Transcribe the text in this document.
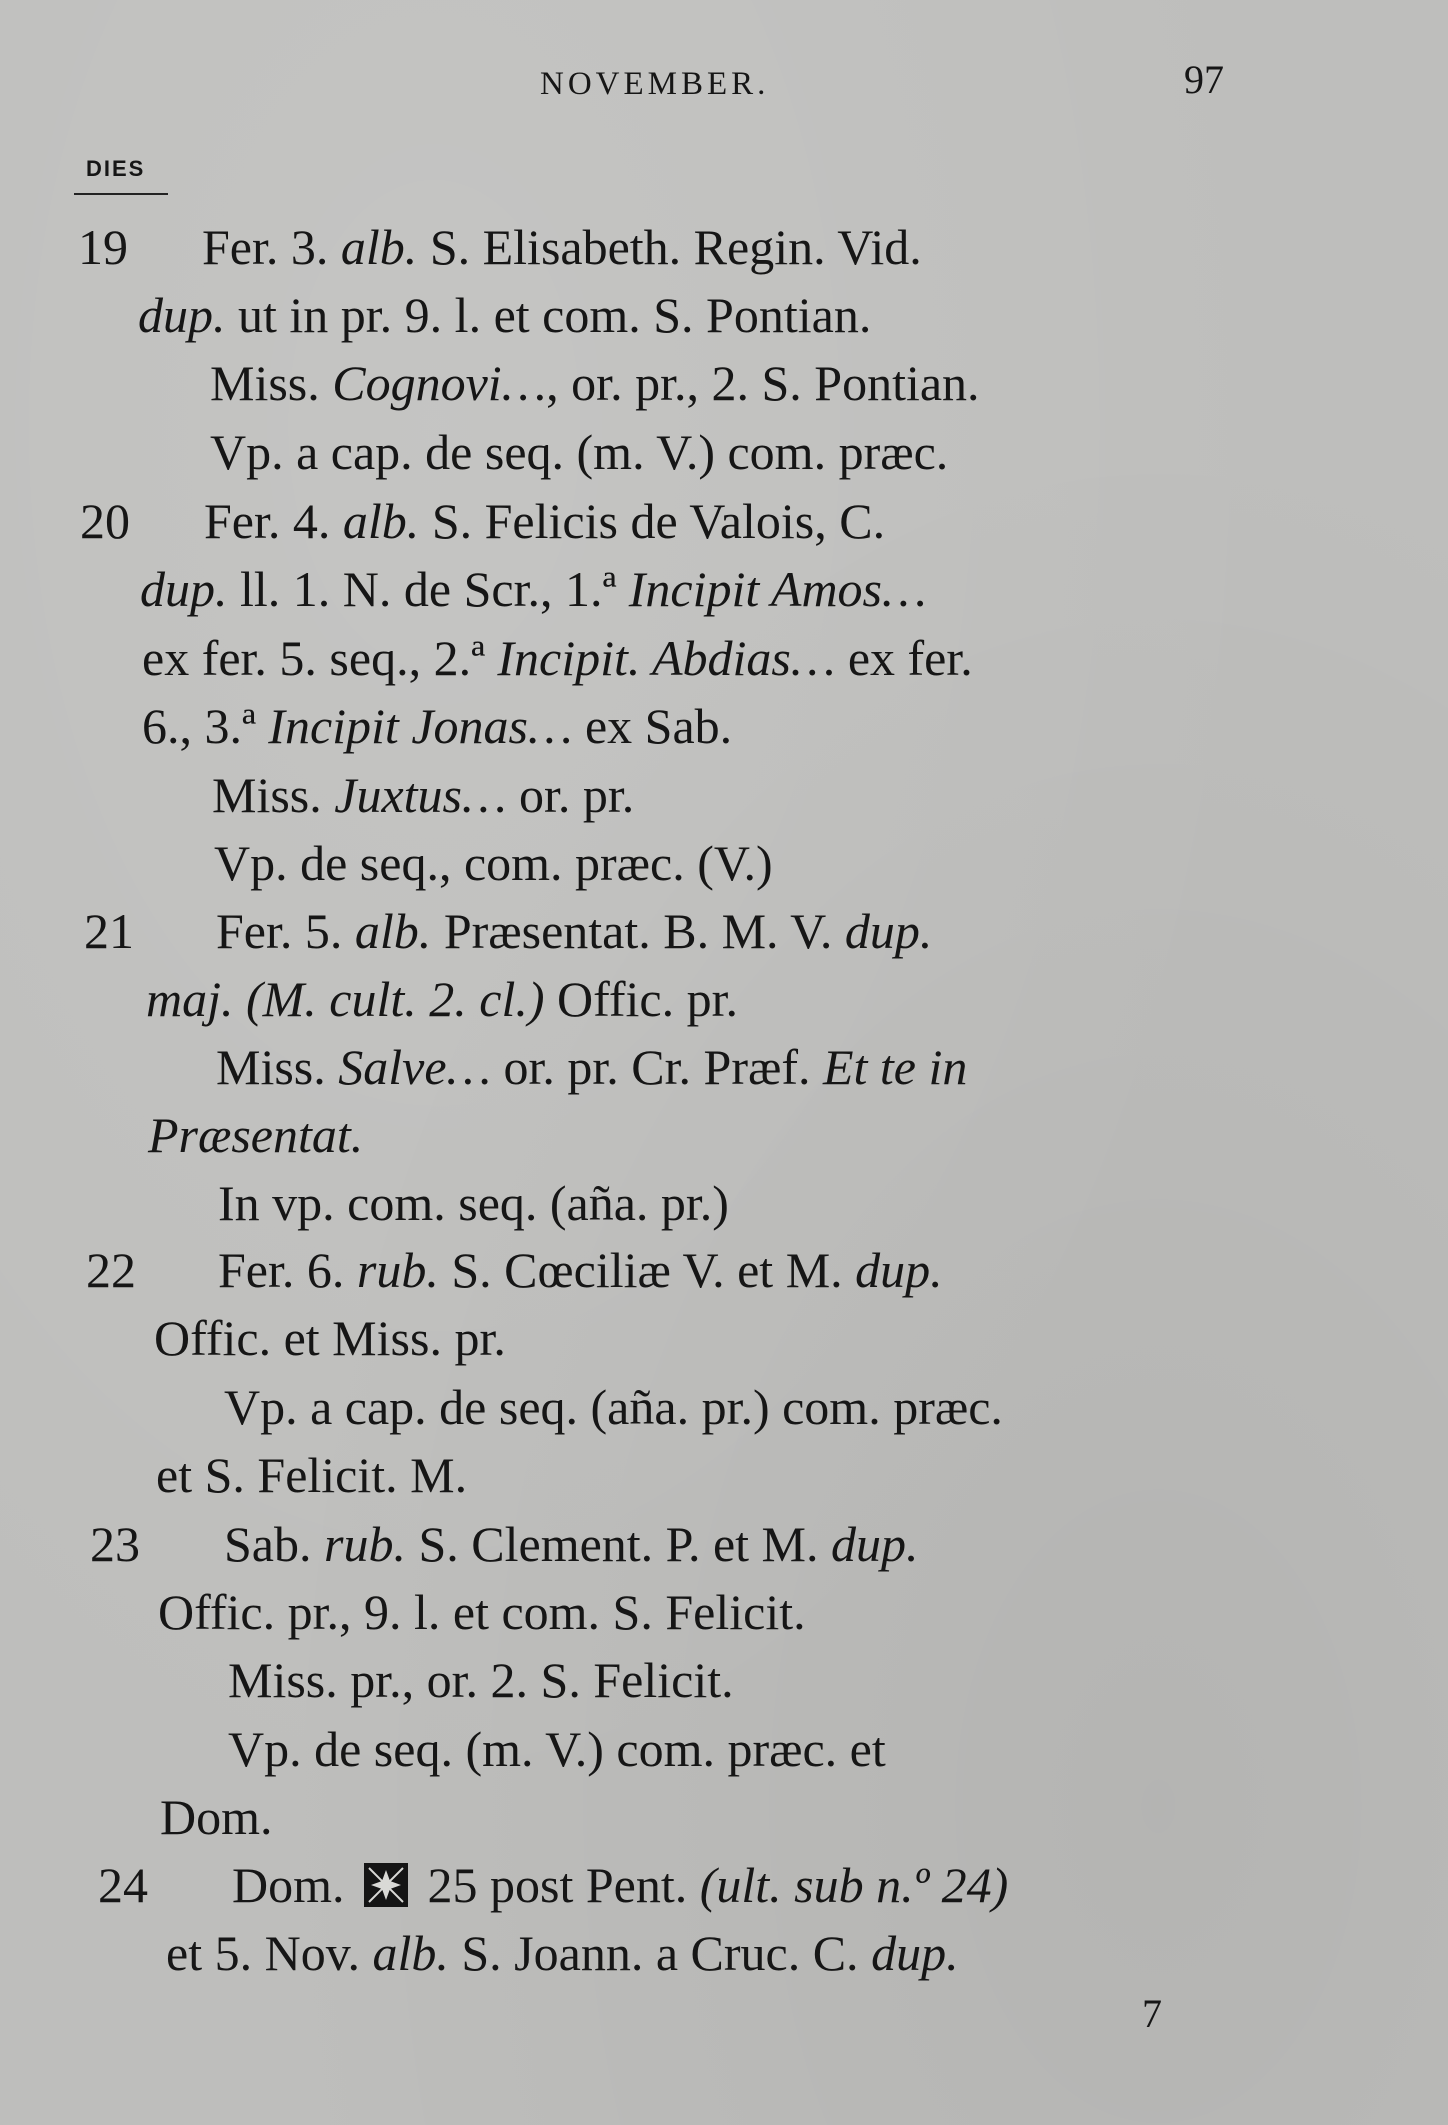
NOVEMBER.	97
DIES
19
20
21
22
23
24
Fer. 3. alb. S. Elisabeth. Regin. Vid.
dup. ut in pr. 9. l. et com. S. Pontian.
Miss. Cognovi…, or. pr., 2. S. Pontian.
Vp. a cap. de seq. (m. V.) com. præc.
Fer. 4. alb. S. Felicis de Valois, C.
dup. ll. 1. N. de Scr., 1.ª Incipit Amos…
ex fer. 5. seq., 2.ª Incipit. Abdias… ex fer.
6., 3.ª Incipit Jonas… ex Sab.
Miss. Juxtus… or. pr.
Vp. de seq., com. præc. (V.)
Fer. 5. alb. Præsentat. B. M. V. dup.
maj. (M. cult. 2. cl.) Offic. pr.
Miss. Salve… or. pr. Cr. Præf. Et te in
Præsentat.
In vp. com. seq. (aña. pr.)
Fer. 6. rub. S. Cœciliæ V. et M. dup.
Offic. et Miss. pr.
Vp. a cap. de seq. (aña. pr.) com. præc.
et S. Felicit. M.
Sab. rub. S. Clement. P. et M. dup.
Offic. pr., 9. l. et com. S. Felicit.
Miss. pr., or. 2. S. Felicit.
Vp. de seq. (m. V.) com. præc. et
Dom.
Dom.  25 post Pent. (ult. sub n.º 24)
et 5. Nov. alb. S. Joann. a Cruc. C. dup.
7
